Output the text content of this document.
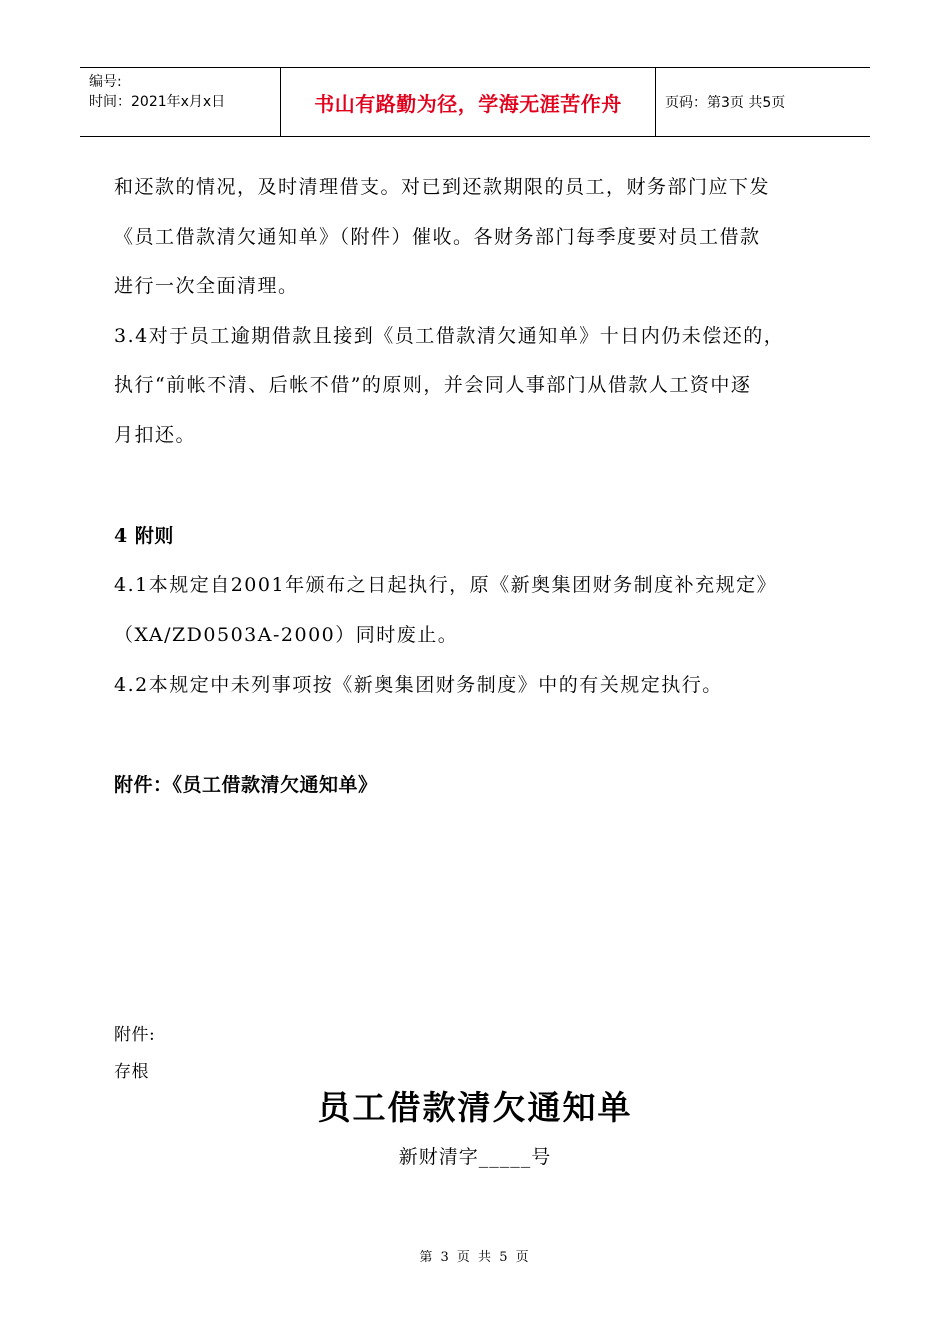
编号:
时间：2021年x月x日	书山有路勤为径，学海无涯苦作舟	页码：第3页 共5页
和还款的情况，及时清理借支。对已到还款期限的员工，财务部门应下发
《员工借款清欠通知单》（附件）催收。各财务部门每季度要对员工借款
进行一次全面清理。
3.4对于员工逾期借款且接到《员工借款清欠通知单》十日内仍未偿还的，
执行“前帐不清、后帐不借”的原则，并会同人事部门从借款人工资中逐
月扣还。
4 附则
4.1本规定自2001年颁布之日起执行，原《新奥集团财务制度补充规定》
（XA/ZD0503A-2000）同时废止。
4.2本规定中未列事项按《新奥集团财务制度》中的有关规定执行。
附件：《员工借款清欠通知单》
附件:
存根
员工借款清欠通知单
新财清字_____号
第 3 页 共 5 页
